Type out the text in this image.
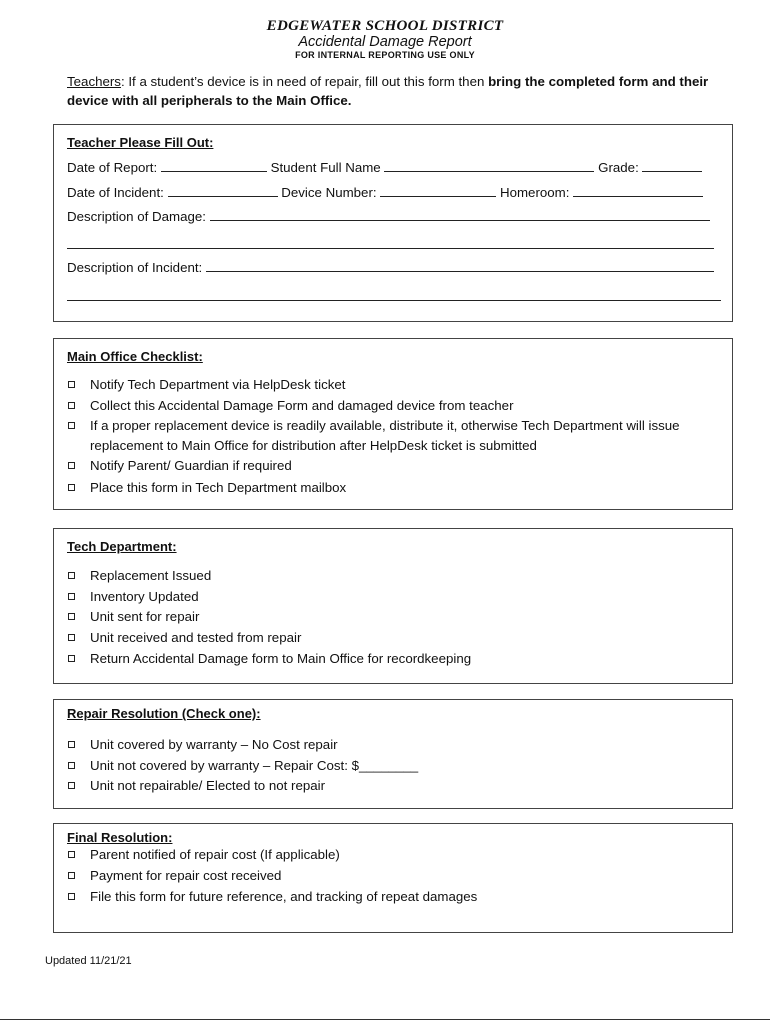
EDGEWATER SCHOOL DISTRICT
Accidental Damage Report
FOR INTERNAL REPORTING USE ONLY
Teachers: If a student’s device is in need of repair, fill out this form then bring the completed form and their device with all peripherals to the Main Office.
Teacher Please Fill Out:
Date of Report:	Student Full Name	Grade:
Date of Incident:	Device Number:	Homeroom:
Description of Damage:
Description of Incident:
Main Office Checklist:
Notify Tech Department via HelpDesk ticket
Collect this Accidental Damage Form and damaged device from teacher
If a proper replacement device is readily available, distribute it, otherwise Tech Department will issue
replacement to Main Office for distribution after HelpDesk ticket is submitted
Notify Parent/ Guardian if required
Place this form in Tech Department mailbox
Tech Department:
Replacement Issued
Inventory Updated
Unit sent for repair
Unit received and tested from repair
Return Accidental Damage form to Main Office for recordkeeping
Repair Resolution (Check one):
Unit covered by warranty – No Cost repair
Unit not covered by warranty – Repair Cost: $________
Unit not repairable/ Elected to not repair
Final Resolution:
Parent notified of repair cost (If applicable)
Payment for repair cost received
File this form for future reference, and tracking of repeat damages
Updated 11/21/21
